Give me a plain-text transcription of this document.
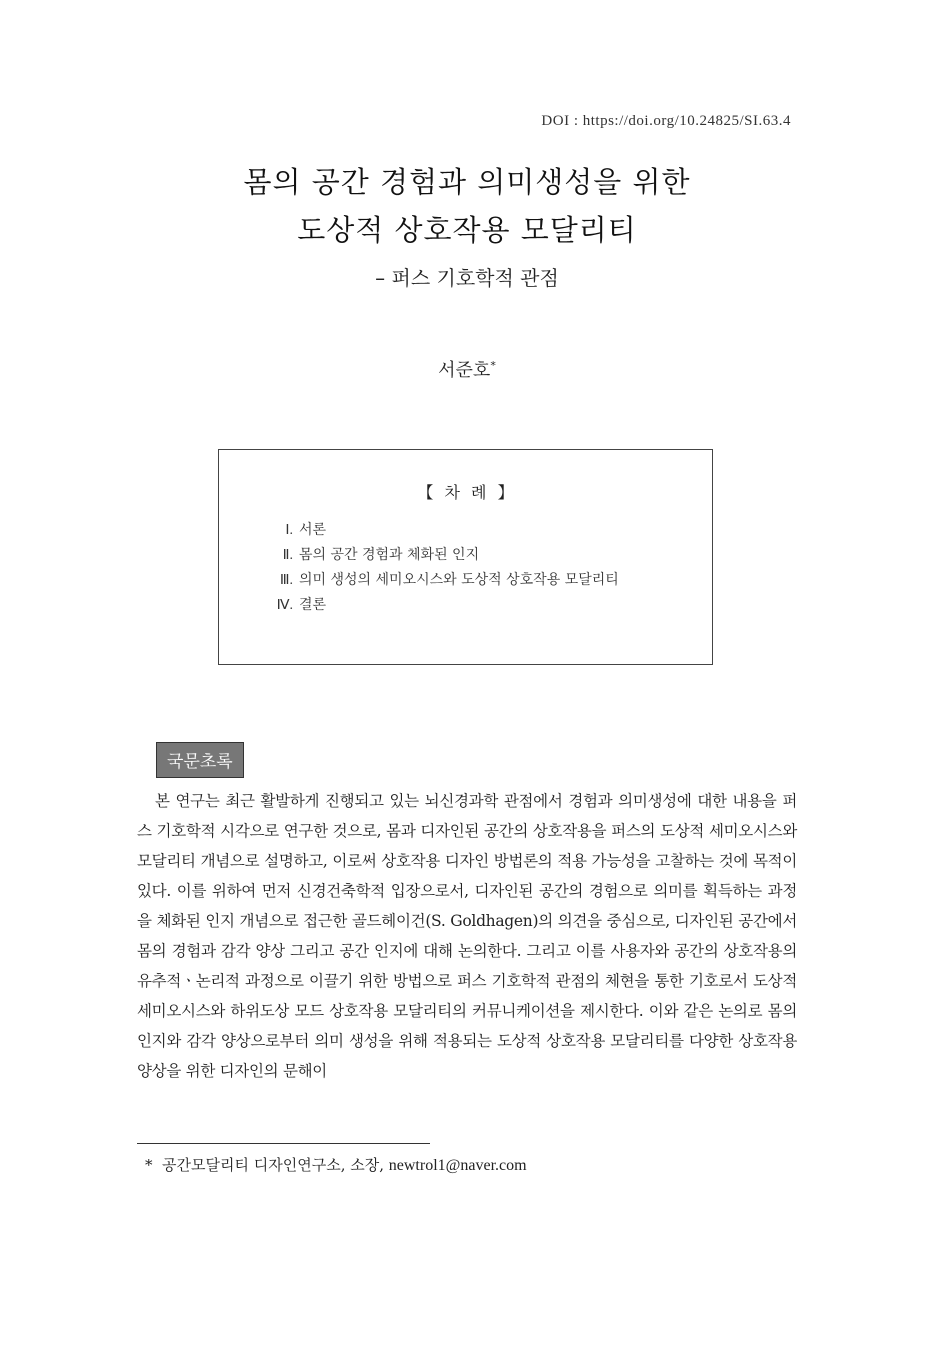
DOI : https://doi.org/10.24825/SI.63.4
몸의 공간 경험과 의미생성을 위한
도상적 상호작용 모달리티
– 퍼스 기호학적 관점
서준호*
【 차 례 】
Ⅰ. 서론
Ⅱ. 몸의 공간 경험과 체화된 인지
Ⅲ. 의미 생성의 세미오시스와 도상적 상호작용 모달리티
Ⅳ. 결론
국문초록

본 연구는 최근 활발하게 진행되고 있는 뇌신경과학 관점에서 경험과 의미생성에 대한 내용을 퍼스 기호학적 시각으로 연구한 것으로, 몸과 디자인된 공간의 상호작용을 퍼스의 도상적 세미오시스와 모달리티 개념으로 설명하고, 이로써 상호작용 디자인 방법론의 적용 가능성을 고찰하는 것에 목적이 있다. 이를 위하여 먼저 신경건축학적 입장으로서, 디자인된 공간의 경험으로 의미를 획득하는 과정을 체화된 인지 개념으로 접근한 골드헤이건(S. Goldhagen)의 의견을 중심으로, 디자인된 공간에서 몸의 경험과 감각 양상 그리고 공간 인지에 대해 논의한다. 그리고 이를 사용자와 공간의 상호작용의 유추적ㆍ논리적 과정으로 이끌기 위한 방법으로 퍼스 기호학적 관점의 체현을 통한 기호로서 도상적 세미오시스와 하위도상 모드 상호작용 모달리티의 커뮤니케이션을 제시한다. 이와 같은 논의로 몸의 인지와 감각 양상으로부터 의미 생성을 위해 적용되는 도상적 상호작용 모달리티를 다양한 상호작용 양상을 위한 디자인의 문해이

* 공간모달리티 디자인연구소, 소장, newtrol1@naver.com
